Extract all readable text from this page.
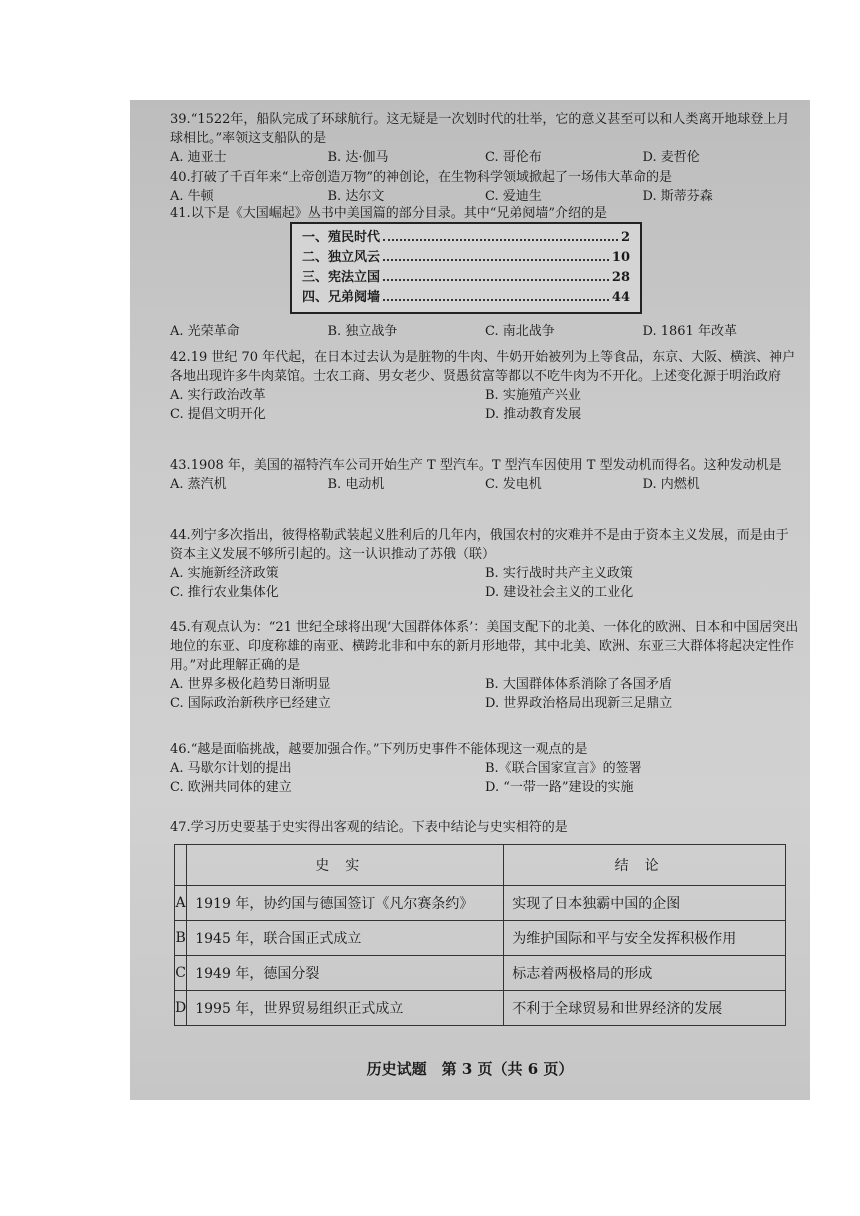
39.“1522年，船队完成了环球航行。这无疑是一次划时代的壮举，它的意义甚至可以和人类离开地球登上月球相比。”率领这支船队的是
A. 迪亚士	B. 达·伽马	C. 哥伦布	D. 麦哲伦
40.打破了千百年来“上帝创造万物”的神创论，在生物科学领域掀起了一场伟大革命的是
A. 牛顿	B. 达尔文	C. 爱迪生	D. 斯蒂芬森
41.以下是《大国崛起》丛书中美国篇的部分目录。其中“兄弟阋墙”介绍的是
一、殖民时代	2
二、独立风云	10
三、宪法立国	28
四、兄弟阋墙	44
A. 光荣革命	B. 独立战争	C. 南北战争	D. 1861 年改革
42.19 世纪 70 年代起，在日本过去认为是脏物的牛肉、牛奶开始被列为上等食品，东京、大阪、横滨、神户各地出现许多牛肉菜馆。士农工商、男女老少、贤愚贫富等都以不吃牛肉为不开化。上述变化源于明治政府
A. 实行政治改革	B. 实施殖产兴业
C. 提倡文明开化	D. 推动教育发展
43.1908 年，美国的福特汽车公司开始生产 T 型汽车。T 型汽车因使用 T 型发动机而得名。这种发动机是
A. 蒸汽机	B. 电动机	C. 发电机	D. 内燃机
44.列宁多次指出，彼得格勒武装起义胜利后的几年内，俄国农村的灾难并不是由于资本主义发展，而是由于资本主义发展不够所引起的。这一认识推动了苏俄（联）
A. 实施新经济政策	B. 实行战时共产主义政策
C. 推行农业集体化	D. 建设社会主义的工业化
45.有观点认为：“21 世纪全球将出现‘大国群体体系’：美国支配下的北美、一体化的欧洲、日本和中国居突出地位的东亚、印度称雄的南亚、横跨北非和中东的新月形地带，其中北美、欧洲、东亚三大群体将起决定性作用。”对此理解正确的是
A. 世界多极化趋势日渐明显	B. 大国群体体系消除了各国矛盾
C. 国际政治新秩序已经建立	D. 世界政治格局出现新三足鼎立
46.“越是面临挑战，越要加强合作。”下列历史事件不能体现这一观点的是
A. 马歇尔计划的提出	B.《联合国家宣言》的签署
C. 欧洲共同体的建立	D. “一带一路”建设的实施
47.学习历史要基于史实得出客观的结论。下表中结论与史实相符的是
	史实	结论
A	1919 年，协约国与德国签订《凡尔赛条约》	实现了日本独霸中国的企图
B	1945 年，联合国正式成立	为维护国际和平与安全发挥积极作用
C	1949 年，德国分裂	标志着两极格局的形成
D	1995 年，世界贸易组织正式成立	不利于全球贸易和世界经济的发展
历史试题　第 3 页（共 6 页）
